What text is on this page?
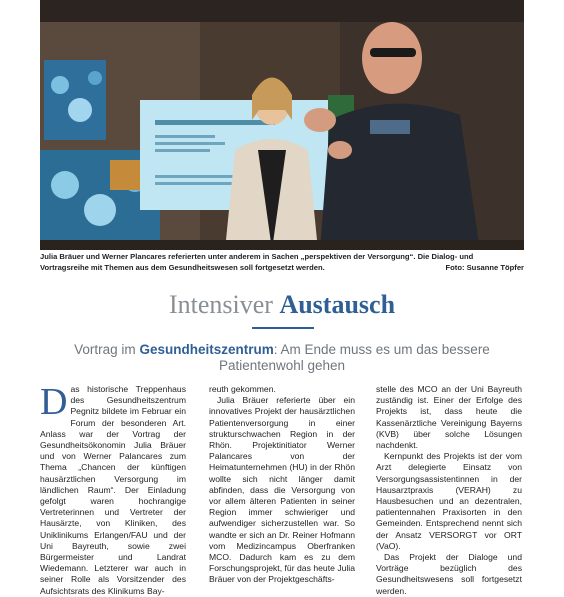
Julia Bräuer und Werner Plancares referierten unter anderem in Sachen „perspektiven der Versorgung“. Die Dialog- und Vortragsreihe mit Themen aus dem Gesundheitswesen soll fortgesetzt werden.	Foto: Susanne Töpfer
Intensiver Austausch
Vortrag im Gesundheitszentrum: Am Ende muss es um das bessere Patientenwohl gehen

Das historische Treppenhaus des Gesundheitszentrum Pegnitz bildete im Februar ein Forum der besonderen Art. Anlass war der Vortrag der Gesundheitsökonomin Julia Bräuer und von Werner Palancares zum Thema „Chancen der künftigen hausärztlichen Versorgung im ländlichen Raum“. Der Einladung gefolgt waren hochrangige Vertreterinnen und Vertreter der Hausärzte, von Kliniken, des Uniklinikums Erlangen/FAU und der Uni Bayreuth, sowie zwei Bürgermeister und Landrat Wiedemann. Letzterer war auch in seiner Rolle als Vorsitzender des Aufsichtsrats des Klinikums Bay-

reuth gekommen.

Julia Bräuer referierte über ein innovatives Projekt der hausärztlichen Patientenversorgung in einer strukturschwachen Region in der Rhön. Projektinitiator Werner Palancares von der Heimatunternehmen (HU) in der Rhön wollte sich nicht länger damit abfinden, dass die Versorgung von vor allem älteren Patienten in seiner Region immer schwieriger und aufwendiger sicherzustellen war. So wandte er sich an Dr. Reiner Hofmann vom Medizincampus Oberfranken MCO. Dadurch kam es zu dem Forschungsprojekt, für das heute Julia Bräuer von der Projektgeschäfts-

stelle des MCO an der Uni Bayreuth zuständig ist. Einer der Erfolge des Projekts ist, dass heute die Kassenärztliche Vereinigung Bayerns (KVB) über solche Lösungen nachdenkt.

Kernpunkt des Projekts ist der vom Arzt delegierte Einsatz von Versorgungsassistentinnen in der Hausarztpraxis (VERAH) zu Hausbesuchen und an dezentralen, patientennahen Praxisorten in den Gemeinden. Entsprechend nennt sich der Ansatz VERSORGT vor ORT (VaO).

Das Projekt der Dialoge und Vorträge bezüglich des Gesundheitswesens soll fortgesetzt werden.
